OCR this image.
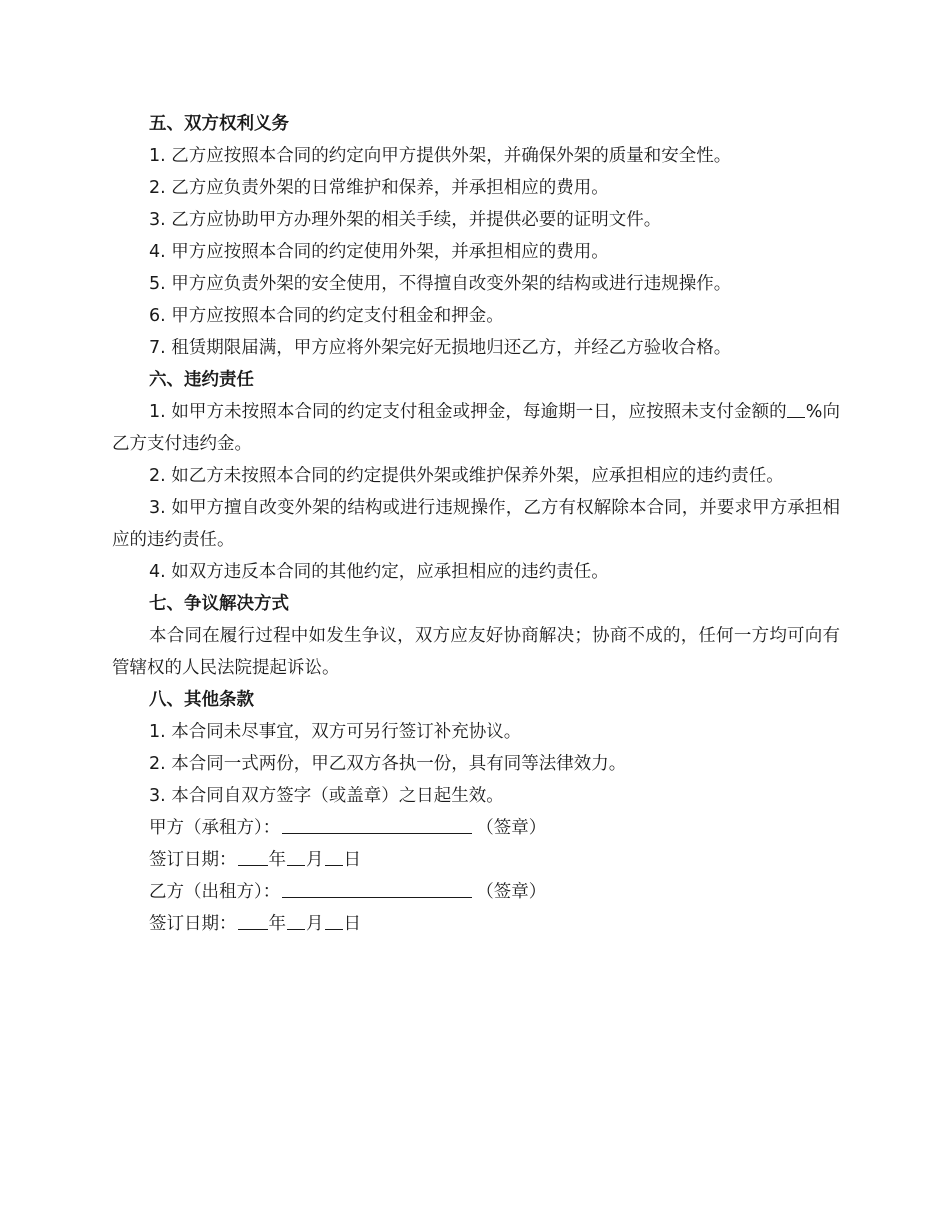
五、双方权利义务
1. 乙方应按照本合同的约定向甲方提供外架，并确保外架的质量和安全性。
2. 乙方应负责外架的日常维护和保养，并承担相应的费用。
3. 乙方应协助甲方办理外架的相关手续，并提供必要的证明文件。
4. 甲方应按照本合同的约定使用外架，并承担相应的费用。
5. 甲方应负责外架的安全使用，不得擅自改变外架的结构或进行违规操作。
6. 甲方应按照本合同的约定支付租金和押金。
7. 租赁期限届满，甲方应将外架完好无损地归还乙方，并经乙方验收合格。
六、违约责任

1. 如甲方未按照本合同的约定支付租金或押金，每逾期一日，应按照未支付金额的 %向乙方支付违约金。

2. 如乙方未按照本合同的约定提供外架或维护保养外架，应承担相应的违约责任。

3. 如甲方擅自改变外架的结构或进行违规操作，乙方有权解除本合同，并要求甲方承担相应的违约责任。

4. 如双方违反本合同的其他约定，应承担相应的违约责任。
七、争议解决方式

本合同在履行过程中如发生争议，双方应友好协商解决；协商不成的，任何一方均可向有管辖权的人民法院提起诉讼。

八、其他条款
1. 本合同未尽事宜，双方可另行签订补充协议。
2. 本合同一式两份，甲乙双方各执一份，具有同等法律效力。
3. 本合同自双方签字（或盖章）之日起生效。
甲方（承租方）：	（签章）
签订日期： 年 月 日
乙方（出租方）：	（签章）
签订日期： 年 月 日
